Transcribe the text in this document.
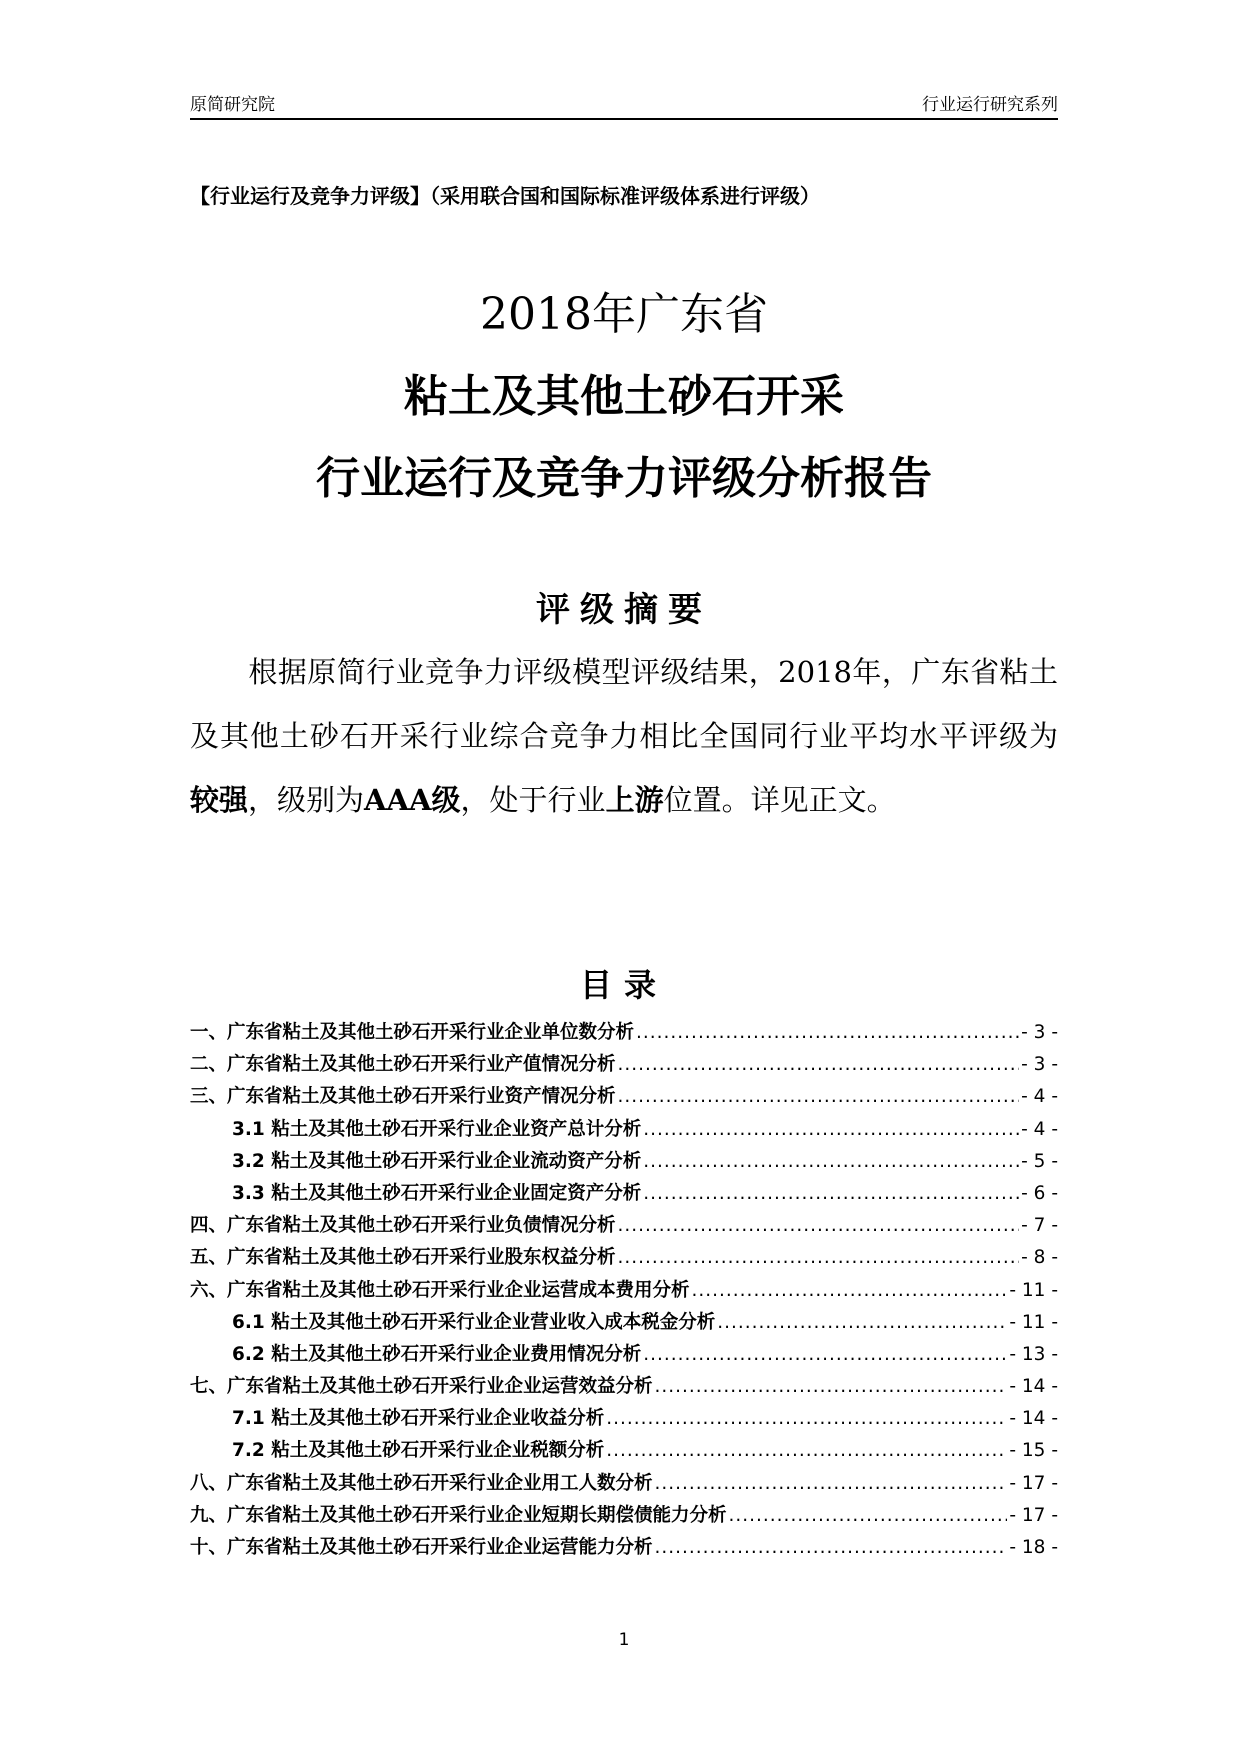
原简研究院	行业运行研究系列
【行业运行及竞争力评级】（采用联合国和国际标准评级体系进行评级）
2018年广东省
粘土及其他土砂石开采
行业运行及竞争力评级分析报告
评级摘要
根据原简行业竞争力评级模型评级结果，2018年，广东省粘土及其他土砂石开采行业综合竞争力相比全国同行业平均水平评级为较强，级别为AAA级，处于行业上游位置。详见正文。
目录
一、广东省粘土及其他土砂石开采行业企业单位数分析 .....	- 3 -
二、广东省粘土及其他土砂石开采行业产值情况分析 .....	- 3 -
三、广东省粘土及其他土砂石开采行业资产情况分析 .....	- 4 -
3.1 粘土及其他土砂石开采行业企业资产总计分析 .....	- 4 -
3.2 粘土及其他土砂石开采行业企业流动资产分析 .....	- 5 -
3.3 粘土及其他土砂石开采行业企业固定资产分析 .....	- 6 -
四、广东省粘土及其他土砂石开采行业负债情况分析 .....	- 7 -
五、广东省粘土及其他土砂石开采行业股东权益分析 .....	- 8 -
六、广东省粘土及其他土砂石开采行业企业运营成本费用分析 .....	- 11 -
6.1 粘土及其他土砂石开采行业企业营业收入成本税金分析 .....	- 11 -
6.2 粘土及其他土砂石开采行业企业费用情况分析 .....	- 13 -
七、广东省粘土及其他土砂石开采行业企业运营效益分析 .....	- 14 -
7.1 粘土及其他土砂石开采行业企业收益分析 .....	- 14 -
7.2 粘土及其他土砂石开采行业企业税额分析 .....	- 15 -
八、广东省粘土及其他土砂石开采行业企业用工人数分析 .....	- 17 -
九、广东省粘土及其他土砂石开采行业企业短期长期偿债能力分析 .....	- 17 -
十、广东省粘土及其他土砂石开采行业企业运营能力分析 .....	- 18 -
1
